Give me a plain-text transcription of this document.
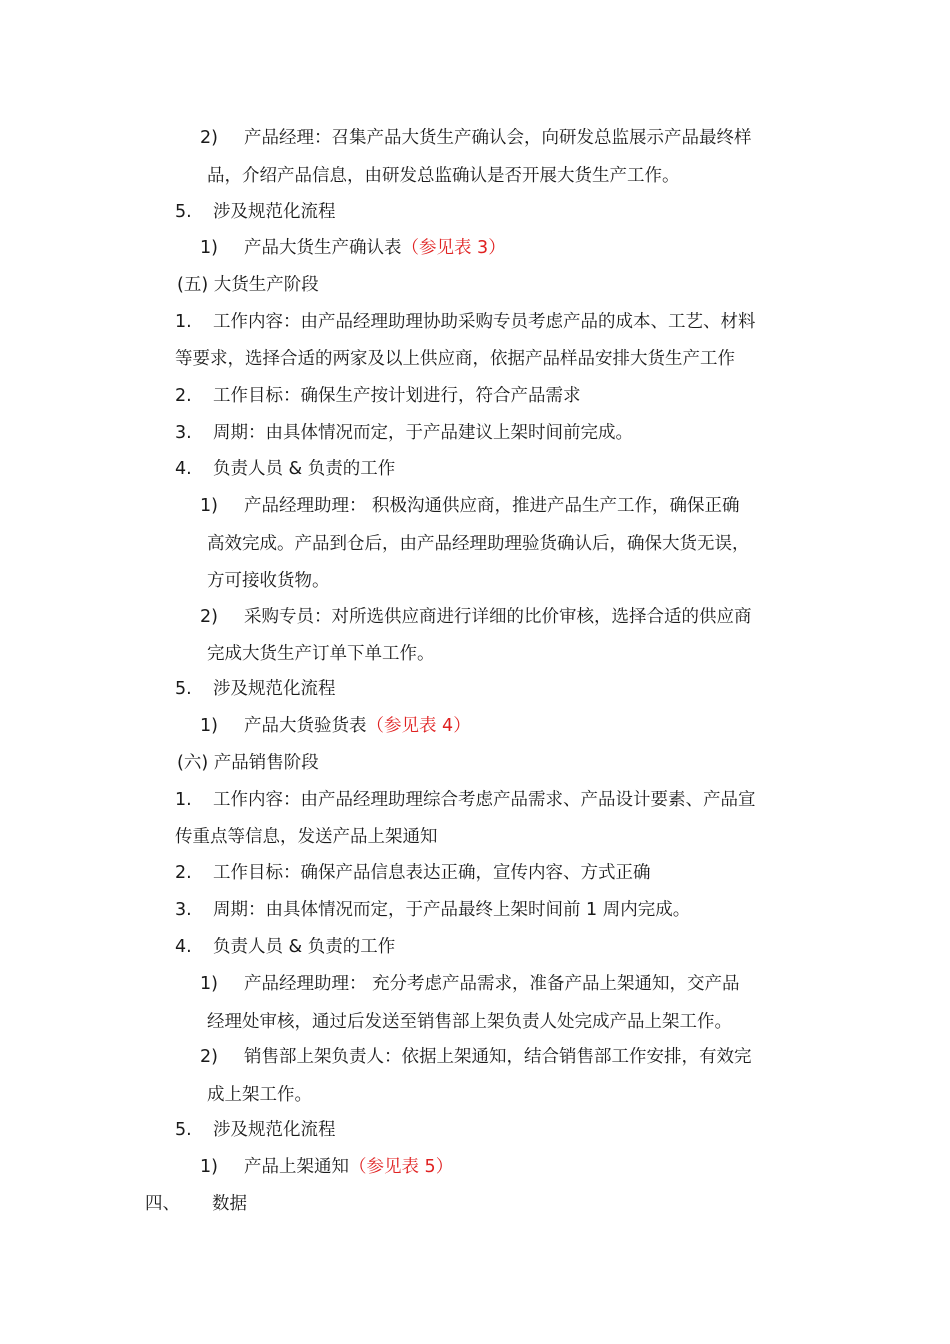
2) 产品经理：召集产品大货生产确认会，向研发总监展示产品最终样
品，介绍产品信息，由研发总监确认是否开展大货生产工作。
5. 涉及规范化流程
1) 产品大货生产确认表（参见表 3）
(五) 大货生产阶段
1. 工作内容：由产品经理助理协助采购专员考虑产品的成本、工艺、材料
等要求，选择合适的两家及以上供应商，依据产品样品安排大货生产工作
2. 工作目标：确保生产按计划进行，符合产品需求
3. 周期：由具体情况而定，于产品建议上架时间前完成。
4. 负责人员 & 负责的工作
1) 产品经理助理： 积极沟通供应商，推进产品生产工作，确保正确
高效完成。产品到仓后，由产品经理助理验货确认后，确保大货无误，
方可接收货物。
2) 采购专员：对所选供应商进行详细的比价审核，选择合适的供应商
完成大货生产订单下单工作。
5. 涉及规范化流程
1) 产品大货验货表（参见表 4）
(六) 产品销售阶段
1. 工作内容：由产品经理助理综合考虑产品需求、产品设计要素、产品宣
传重点等信息，发送产品上架通知
2. 工作目标：确保产品信息表达正确，宣传内容、方式正确
3. 周期：由具体情况而定，于产品最终上架时间前 1 周内完成。
4. 负责人员 & 负责的工作
1) 产品经理助理： 充分考虑产品需求，准备产品上架通知，交产品
经理处审核，通过后发送至销售部上架负责人处完成产品上架工作。
2) 销售部上架负责人：依据上架通知，结合销售部工作安排，有效完
成上架工作。
5. 涉及规范化流程
1) 产品上架通知（参见表 5）
四、 数据
